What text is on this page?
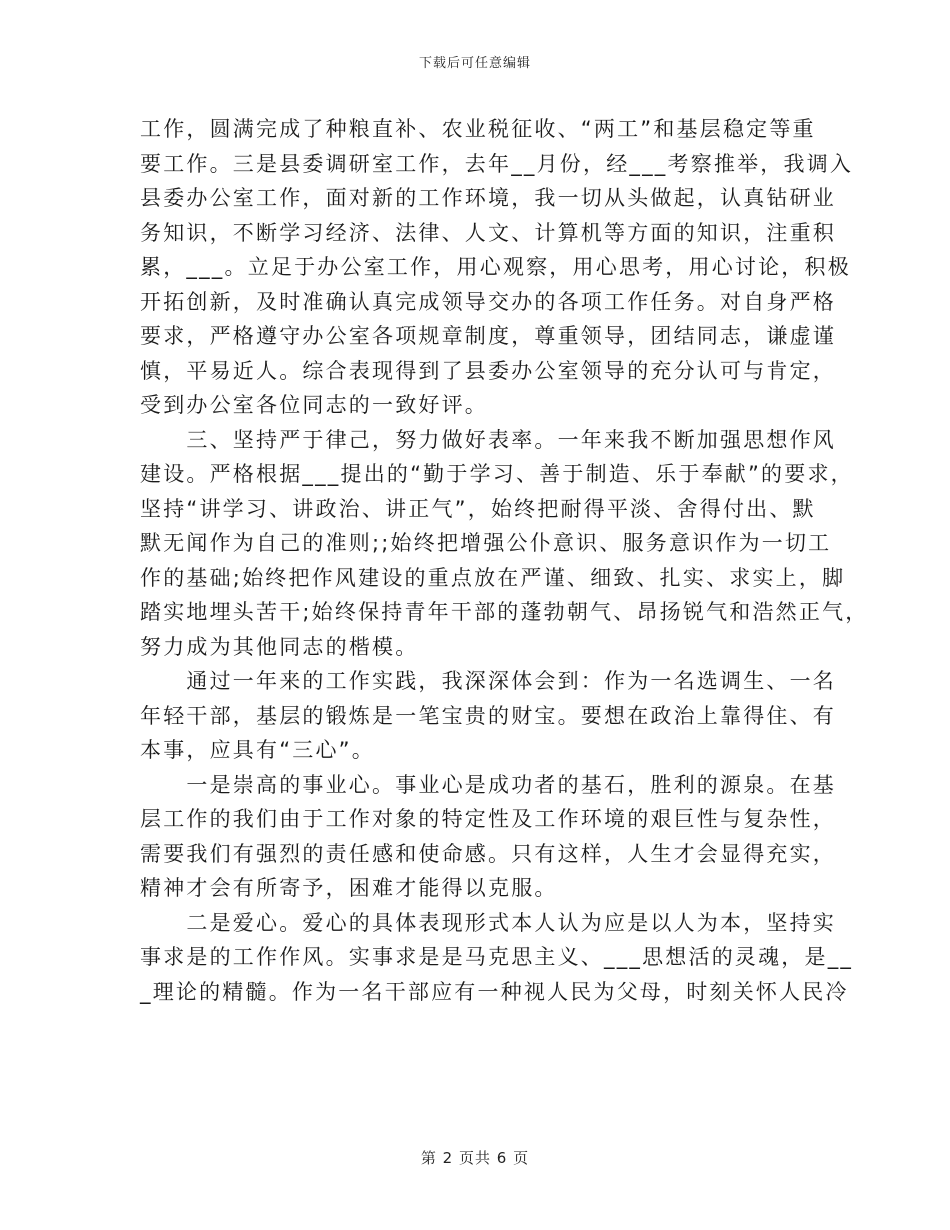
下载后可任意编辑
工作，圆满完成了种粮直补、农业税征收、“两工”和基层稳定等重
要工作。三是县委调研室工作，去年__月份，经___考察推举，我调入
县委办公室工作，面对新的工作环境，我一切从头做起，认真钻研业
务知识，不断学习经济、法律、人文、计算机等方面的知识，注重积
累，___。立足于办公室工作，用心观察，用心思考，用心讨论，积极
开拓创新，及时准确认真完成领导交办的各项工作任务。对自身严格
要求，严格遵守办公室各项规章制度，尊重领导，团结同志，谦虚谨
慎，平易近人。综合表现得到了县委办公室领导的充分认可与肯定，
受到办公室各位同志的一致好评。
　　三、坚持严于律己，努力做好表率。一年来我不断加强思想作风
建设。严格根据___提出的“勤于学习、善于制造、乐于奉献”的要求，
坚持“讲学习、讲政治、讲正气”，始终把耐得平淡、舍得付出、默
默无闻作为自己的准则;;始终把增强公仆意识、服务意识作为一切工
作的基础;始终把作风建设的重点放在严谨、细致、扎实、求实上，脚
踏实地埋头苦干;始终保持青年干部的蓬勃朝气、昂扬锐气和浩然正气，
努力成为其他同志的楷模。
　　通过一年来的工作实践，我深深体会到：作为一名选调生、一名
年轻干部，基层的锻炼是一笔宝贵的财宝。要想在政治上靠得住、有
本事，应具有“三心”。
　　一是崇高的事业心。事业心是成功者的基石，胜利的源泉。在基
层工作的我们由于工作对象的特定性及工作环境的艰巨性与复杂性，
需要我们有强烈的责任感和使命感。只有这样，人生才会显得充实，
精神才会有所寄予，困难才能得以克服。
　　二是爱心。爱心的具体表现形式本人认为应是以人为本，坚持实
事求是的工作作风。实事求是是马克思主义、___思想活的灵魂，是__
_理论的精髓。作为一名干部应有一种视人民为父母，时刻关怀人民冷
第 2 页共 6 页
